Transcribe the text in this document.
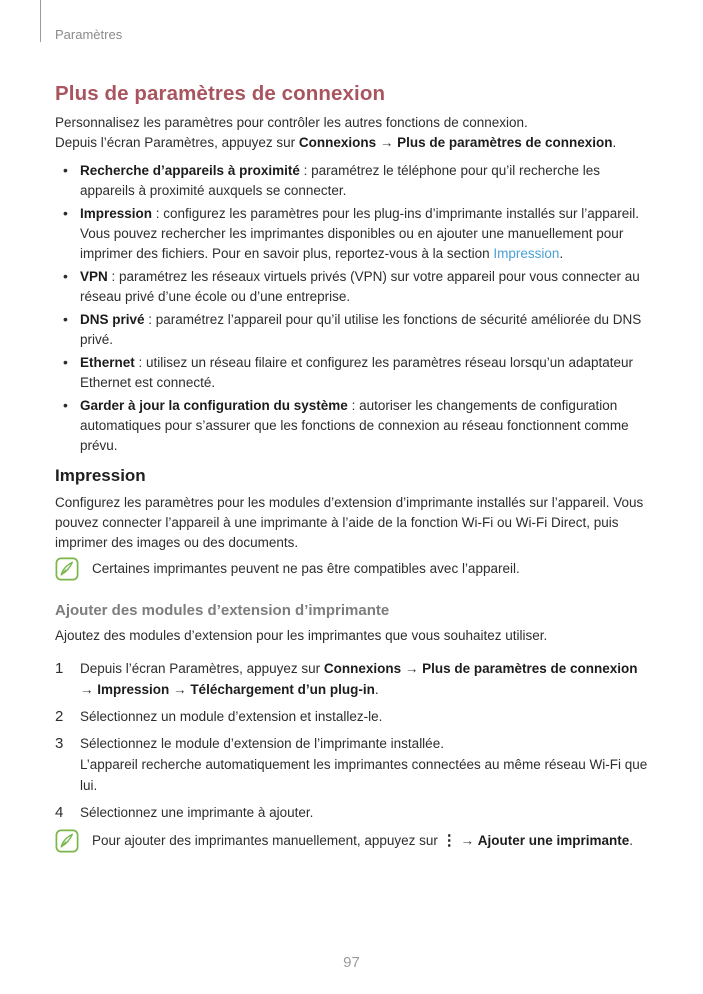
Paramètres
Plus de paramètres de connexion

Personnalisez les paramètres pour contrôler les autres fonctions de connexion.

Depuis l’écran Paramètres, appuyez sur Connexions → Plus de paramètres de connexion.

• Recherche d’appareils à proximité : paramétrez le téléphone pour qu’il recherche les appareils à proximité auxquels se connecter.
• Impression : configurez les paramètres pour les plug-ins d’imprimante installés sur l’appareil. Vous pouvez rechercher les imprimantes disponibles ou en ajouter une manuellement pour imprimer des fichiers. Pour en savoir plus, reportez-vous à la section Impression.
• VPN : paramétrez les réseaux virtuels privés (VPN) sur votre appareil pour vous connecter au réseau privé d’une école ou d’une entreprise.
• DNS privé : paramétrez l’appareil pour qu’il utilise les fonctions de sécurité améliorée du DNS privé.
• Ethernet : utilisez un réseau filaire et configurez les paramètres réseau lorsqu’un adaptateur Ethernet est connecté.
• Garder à jour la configuration du système : autoriser les changements de configuration automatiques pour s’assurer que les fonctions de connexion au réseau fonctionnent comme prévu.
Impression

Configurez les paramètres pour les modules d’extension d’imprimante installés sur l’appareil. Vous pouvez connecter l’appareil à une imprimante à l’aide de la fonction Wi-Fi ou Wi-Fi Direct, puis imprimer des images ou des documents.

Certaines imprimantes peuvent ne pas être compatibles avec l’appareil.
Ajouter des modules d’extension d’imprimante

Ajoutez des modules d’extension pour les imprimantes que vous souhaitez utiliser.

1	Depuis l’écran Paramètres, appuyez sur Connexions → Plus de paramètres de connexion → Impression → Téléchargement d’un plug-in.
2	Sélectionnez un module d’extension et installez-le.
3	Sélectionnez le module d’extension de l’imprimante installée.
L’appareil recherche automatiquement les imprimantes connectées au même réseau Wi-Fi que lui.
4	Sélectionnez une imprimante à ajouter.
Pour ajouter des imprimantes manuellement, appuyez sur ⋮ → Ajouter une imprimante.
97
